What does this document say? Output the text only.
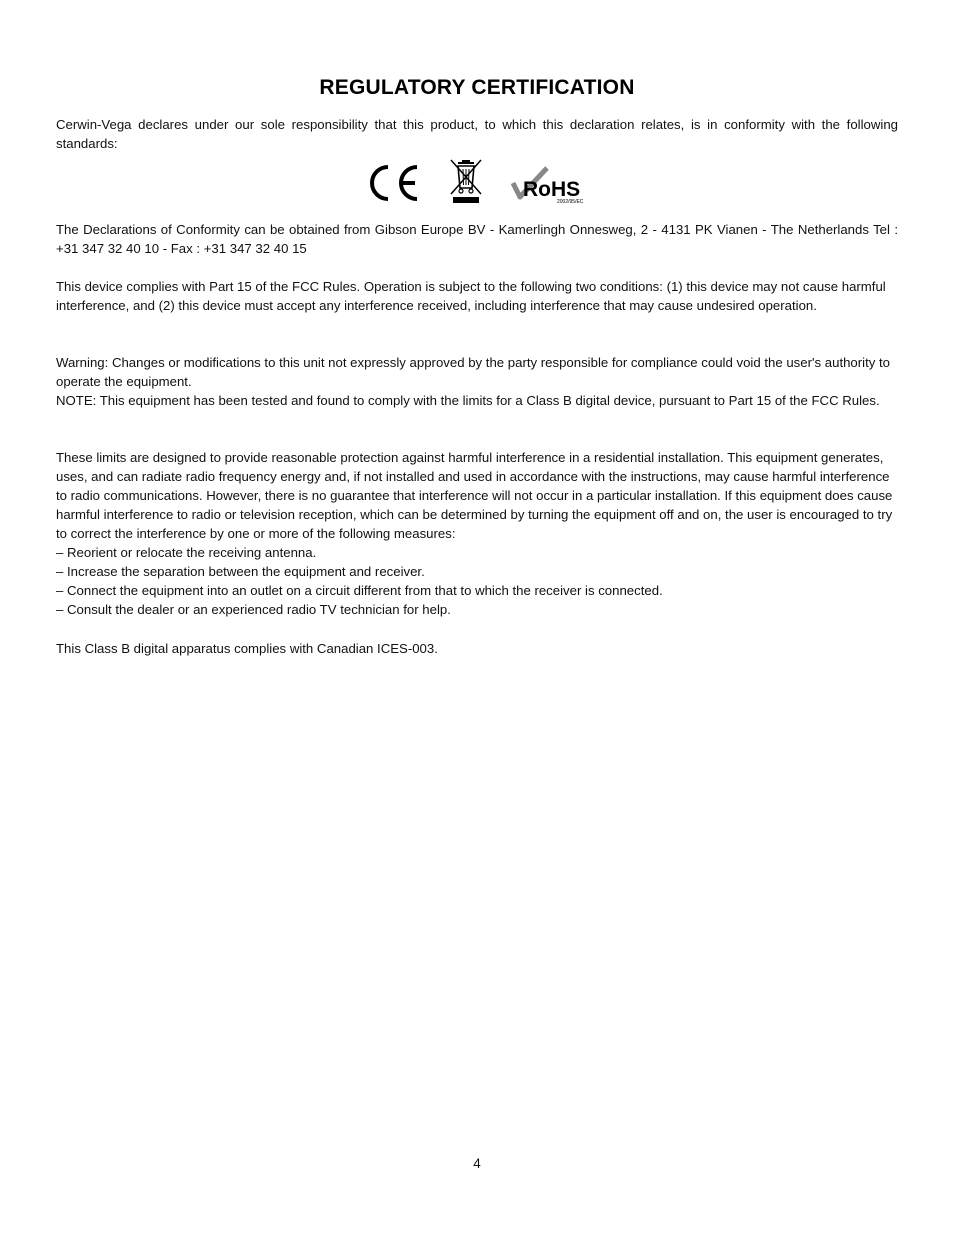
REGULATORY CERTIFICATION

Cerwin-Vega declares under our sole responsibility that this product, to which this declaration relates, is in conformity with the following standards:

RoHS
2002/95/EC

The Declarations of Conformity can be obtained from Gibson Europe BV - Kamerlingh Onnesweg, 2 - 4131 PK Vianen - The Netherlands Tel : +31 347 32 40 10 - Fax : +31 347 32 40 15

This device complies with Part 15 of the FCC Rules. Operation is subject to the following two conditions: (1) this device may not cause harmful interference, and (2) this device must accept any interference received, including interference that may cause undesired operation.

Warning: Changes or modifications to this unit not expressly approved by the party responsible for compliance could void the user's authority to operate the equipment.

NOTE: This equipment has been tested and found to comply with the limits for a Class B digital device, pursuant to Part 15 of the FCC Rules.

These limits are designed to provide reasonable protection against harmful interference in a residential installation. This equipment generates, uses, and can radiate radio frequency energy and, if not installed and used in accordance with the instructions, may cause harmful interference to radio communications. However, there is no guarantee that interference will not occur in a particular installation. If this equipment does cause harmful interference to radio or television reception, which can be determined by turning the equipment off and on, the user is encouraged to try to correct the interference by one or more of the following measures:
– Reorient or relocate the receiving antenna.
– Increase the separation between the equipment and receiver.
– Connect the equipment into an outlet on a circuit different from that to which the receiver is connected.
– Consult the dealer or an experienced radio TV technician for help.

This Class B digital apparatus complies with Canadian ICES-003.

4
